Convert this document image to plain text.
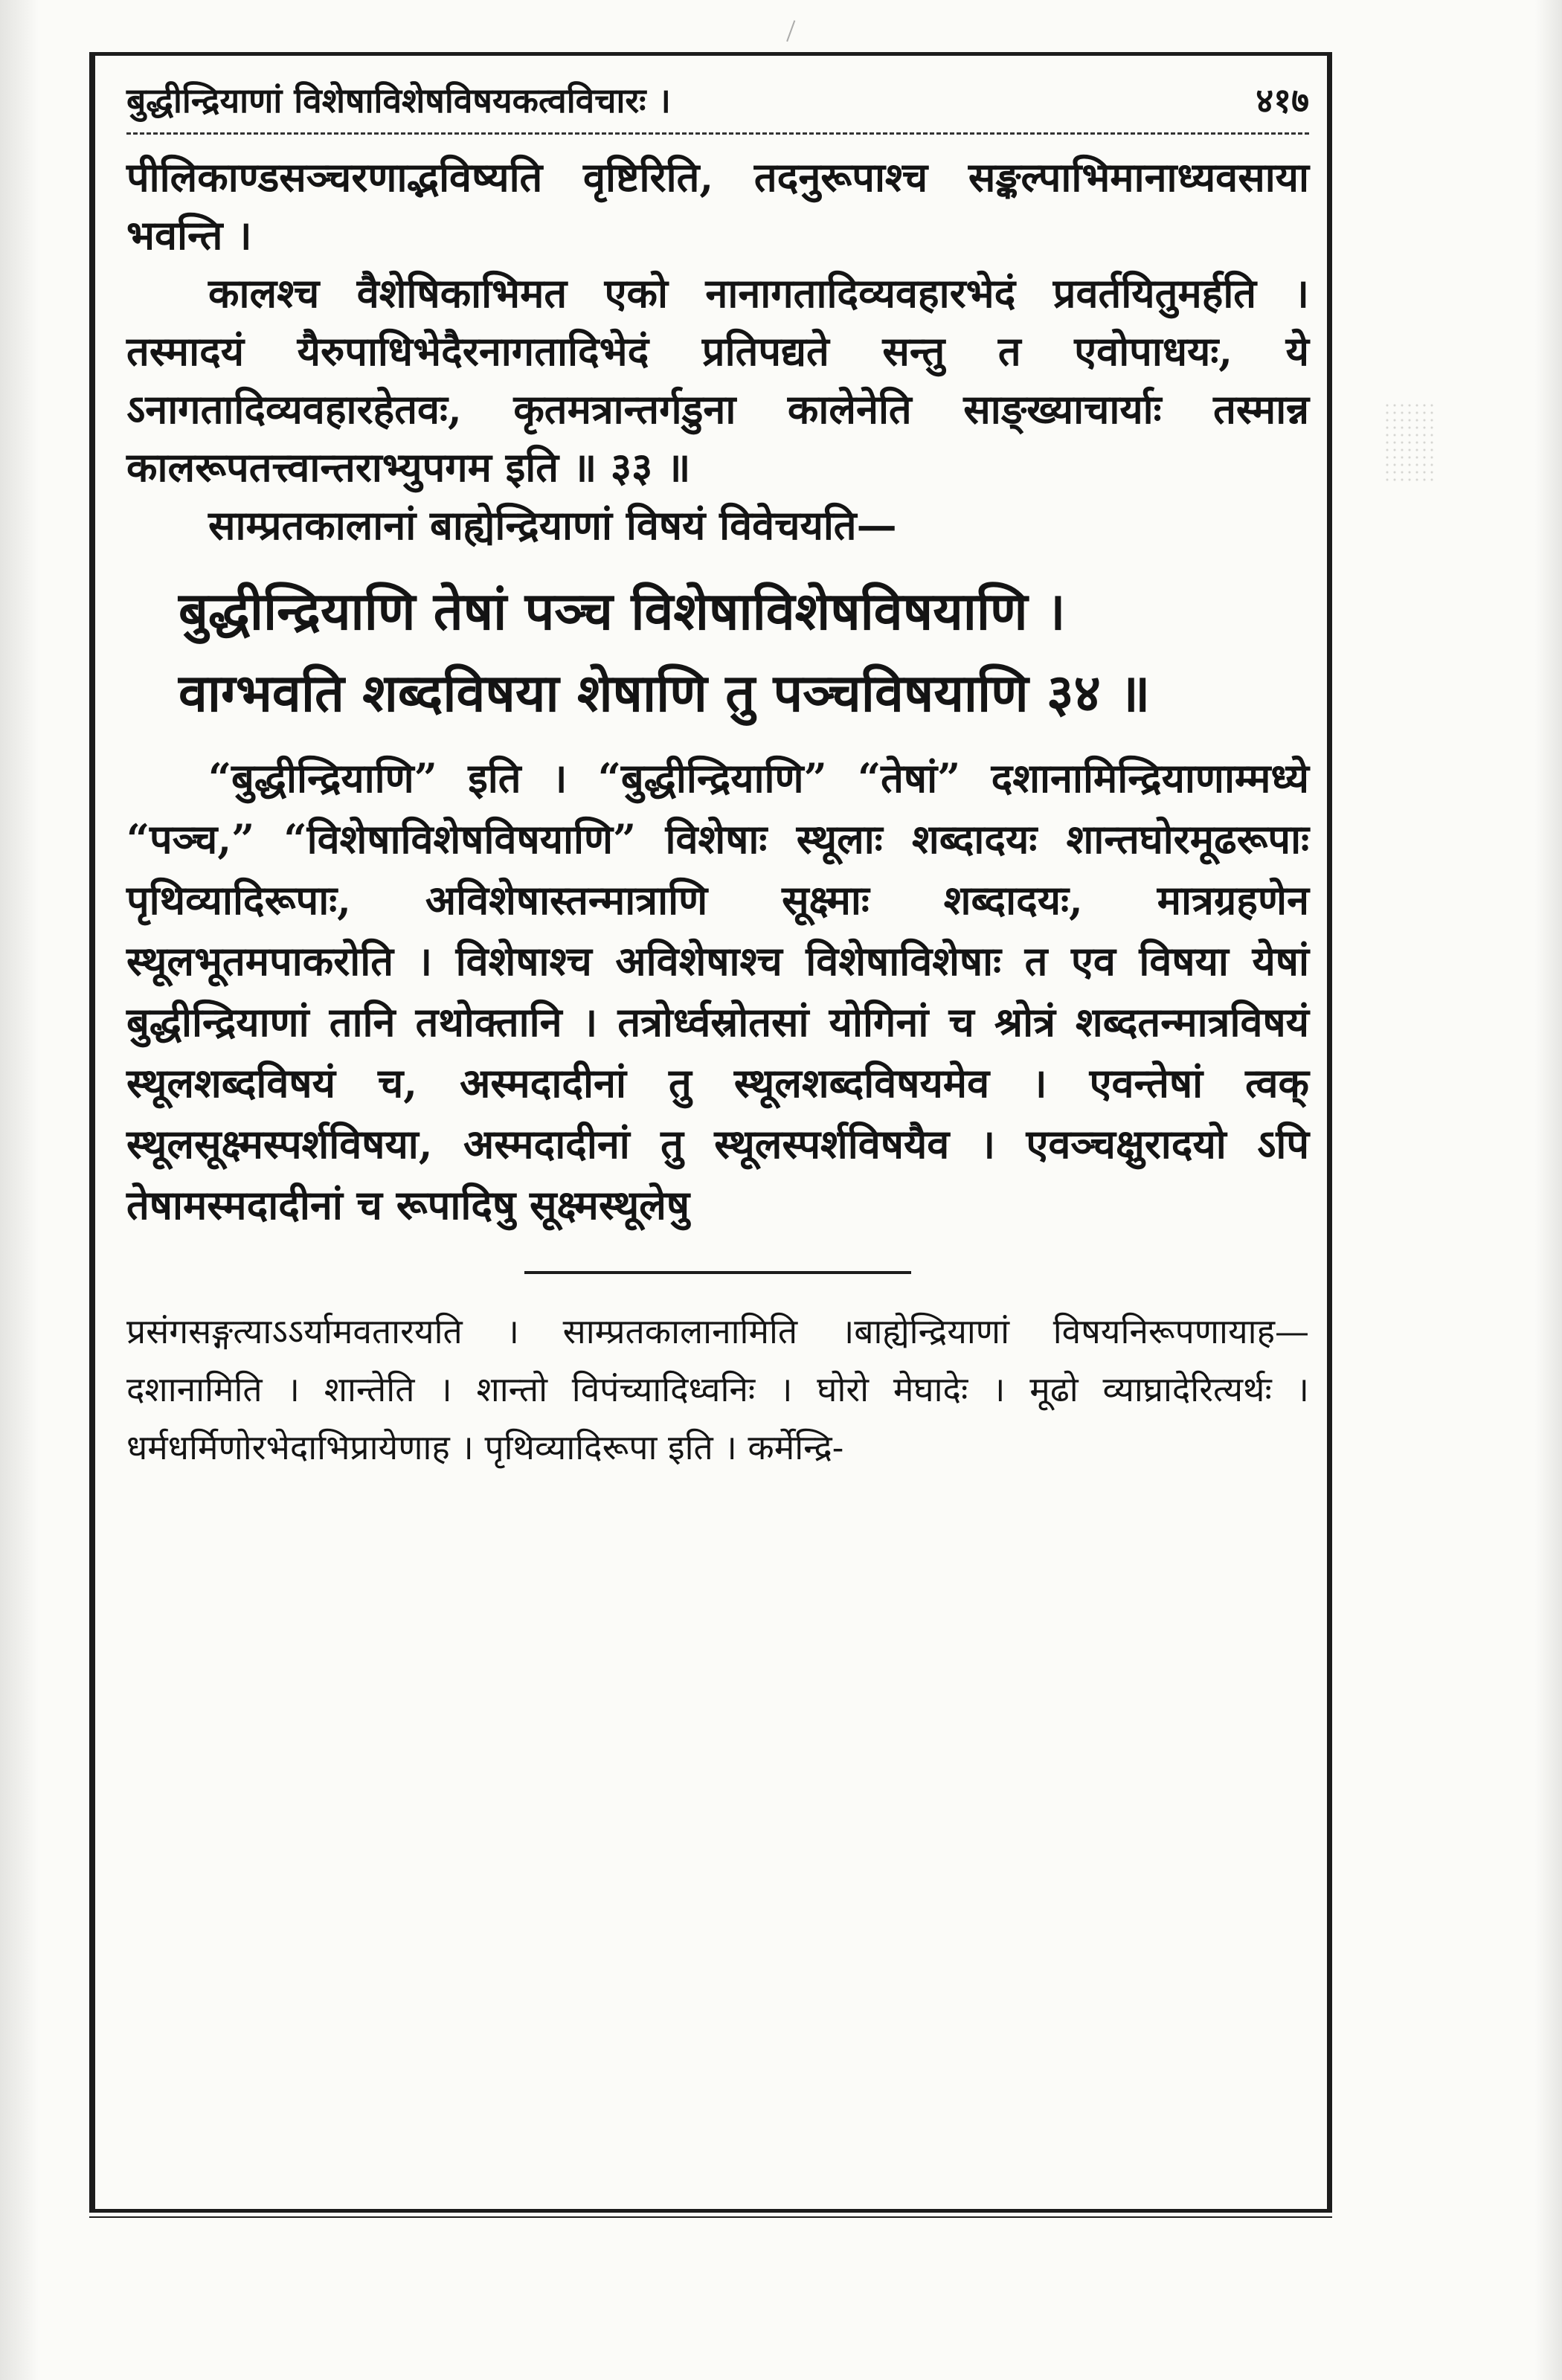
बुद्धीन्द्रियाणां विशेषाविशेषविषयकत्वविचारः ।	४१७

पीलिकाण्डसञ्चरणाद्भविष्यति वृष्टिरिति, तदनुरूपाश्च सङ्कल्पाभिमानाध्यवसाया भवन्ति ।

कालश्च वैशेषिकाभिमत एको नानागतादिव्यवहारभेदं प्रवर्तयितुमर्हति । तस्मादयं यैरुपाधिभेदैरनागतादिभेदं प्रतिपद्यते सन्तु त एवोपाधयः, ये ऽनागतादिव्यवहारहेतवः, कृतमत्रान्तर्गडुना कालेनेति साङ्ख्याचार्याः तस्मान्न कालरूपतत्त्वान्तराभ्युपगम इति ॥ ३३ ॥

साम्प्रतकालानां बाह्येन्द्रियाणां विषयं विवेचयति—

बुद्धीन्द्रियाणि तेषां पञ्च विशेषाविशेषविषयाणि ।
वाग्भवति शब्दविषया शेषाणि तु पञ्चविषयाणि ३४ ॥

“बुद्धीन्द्रियाणि” इति । “बुद्धीन्द्रियाणि” “तेषां” दशानामिन्द्रियाणाम्मध्ये “पञ्च,” “विशेषाविशेषविषयाणि” विशेषाः स्थूलाः शब्दादयः शान्तघोरमूढरूपाः पृथिव्यादिरूपाः, अविशेषास्तन्मात्राणि सूक्ष्माः शब्दादयः, मात्रग्रहणेन स्थूलभूतमपाकरोति । विशेषाश्च अविशेषाश्च विशेषाविशेषाः त एव विषया येषां बुद्धीन्द्रियाणां तानि तथोक्तानि । तत्रोर्ध्वस्रोतसां योगिनां च श्रोत्रं शब्दतन्मात्रविषयं स्थूलशब्दविषयं च, अस्मदादीनां तु स्थूलशब्दविषयमेव । एवन्तेषां त्वक् स्थूलसूक्ष्मस्पर्शविषया, अस्मदादीनां तु स्थूलस्पर्शविषयैव । एवञ्चक्षुरादयो ऽपि तेषामस्मदादीनां च रूपादिषु सूक्ष्मस्थूलेषु

प्रसंगसङ्गत्याऽऽर्यामवतारयति । साम्प्रतकालानामिति ।बाह्येन्द्रियाणां विषयनिरूपणायाह—दशानामिति । शान्तेति । शान्तो विपंच्यादिध्वनिः । घोरो मेघादेः । मूढो व्याघ्रादेरित्यर्थः । धर्मधर्मिणोरभेदाभिप्रायेणाह । पृथिव्यादिरूपा इति । कर्मेन्द्रि-
